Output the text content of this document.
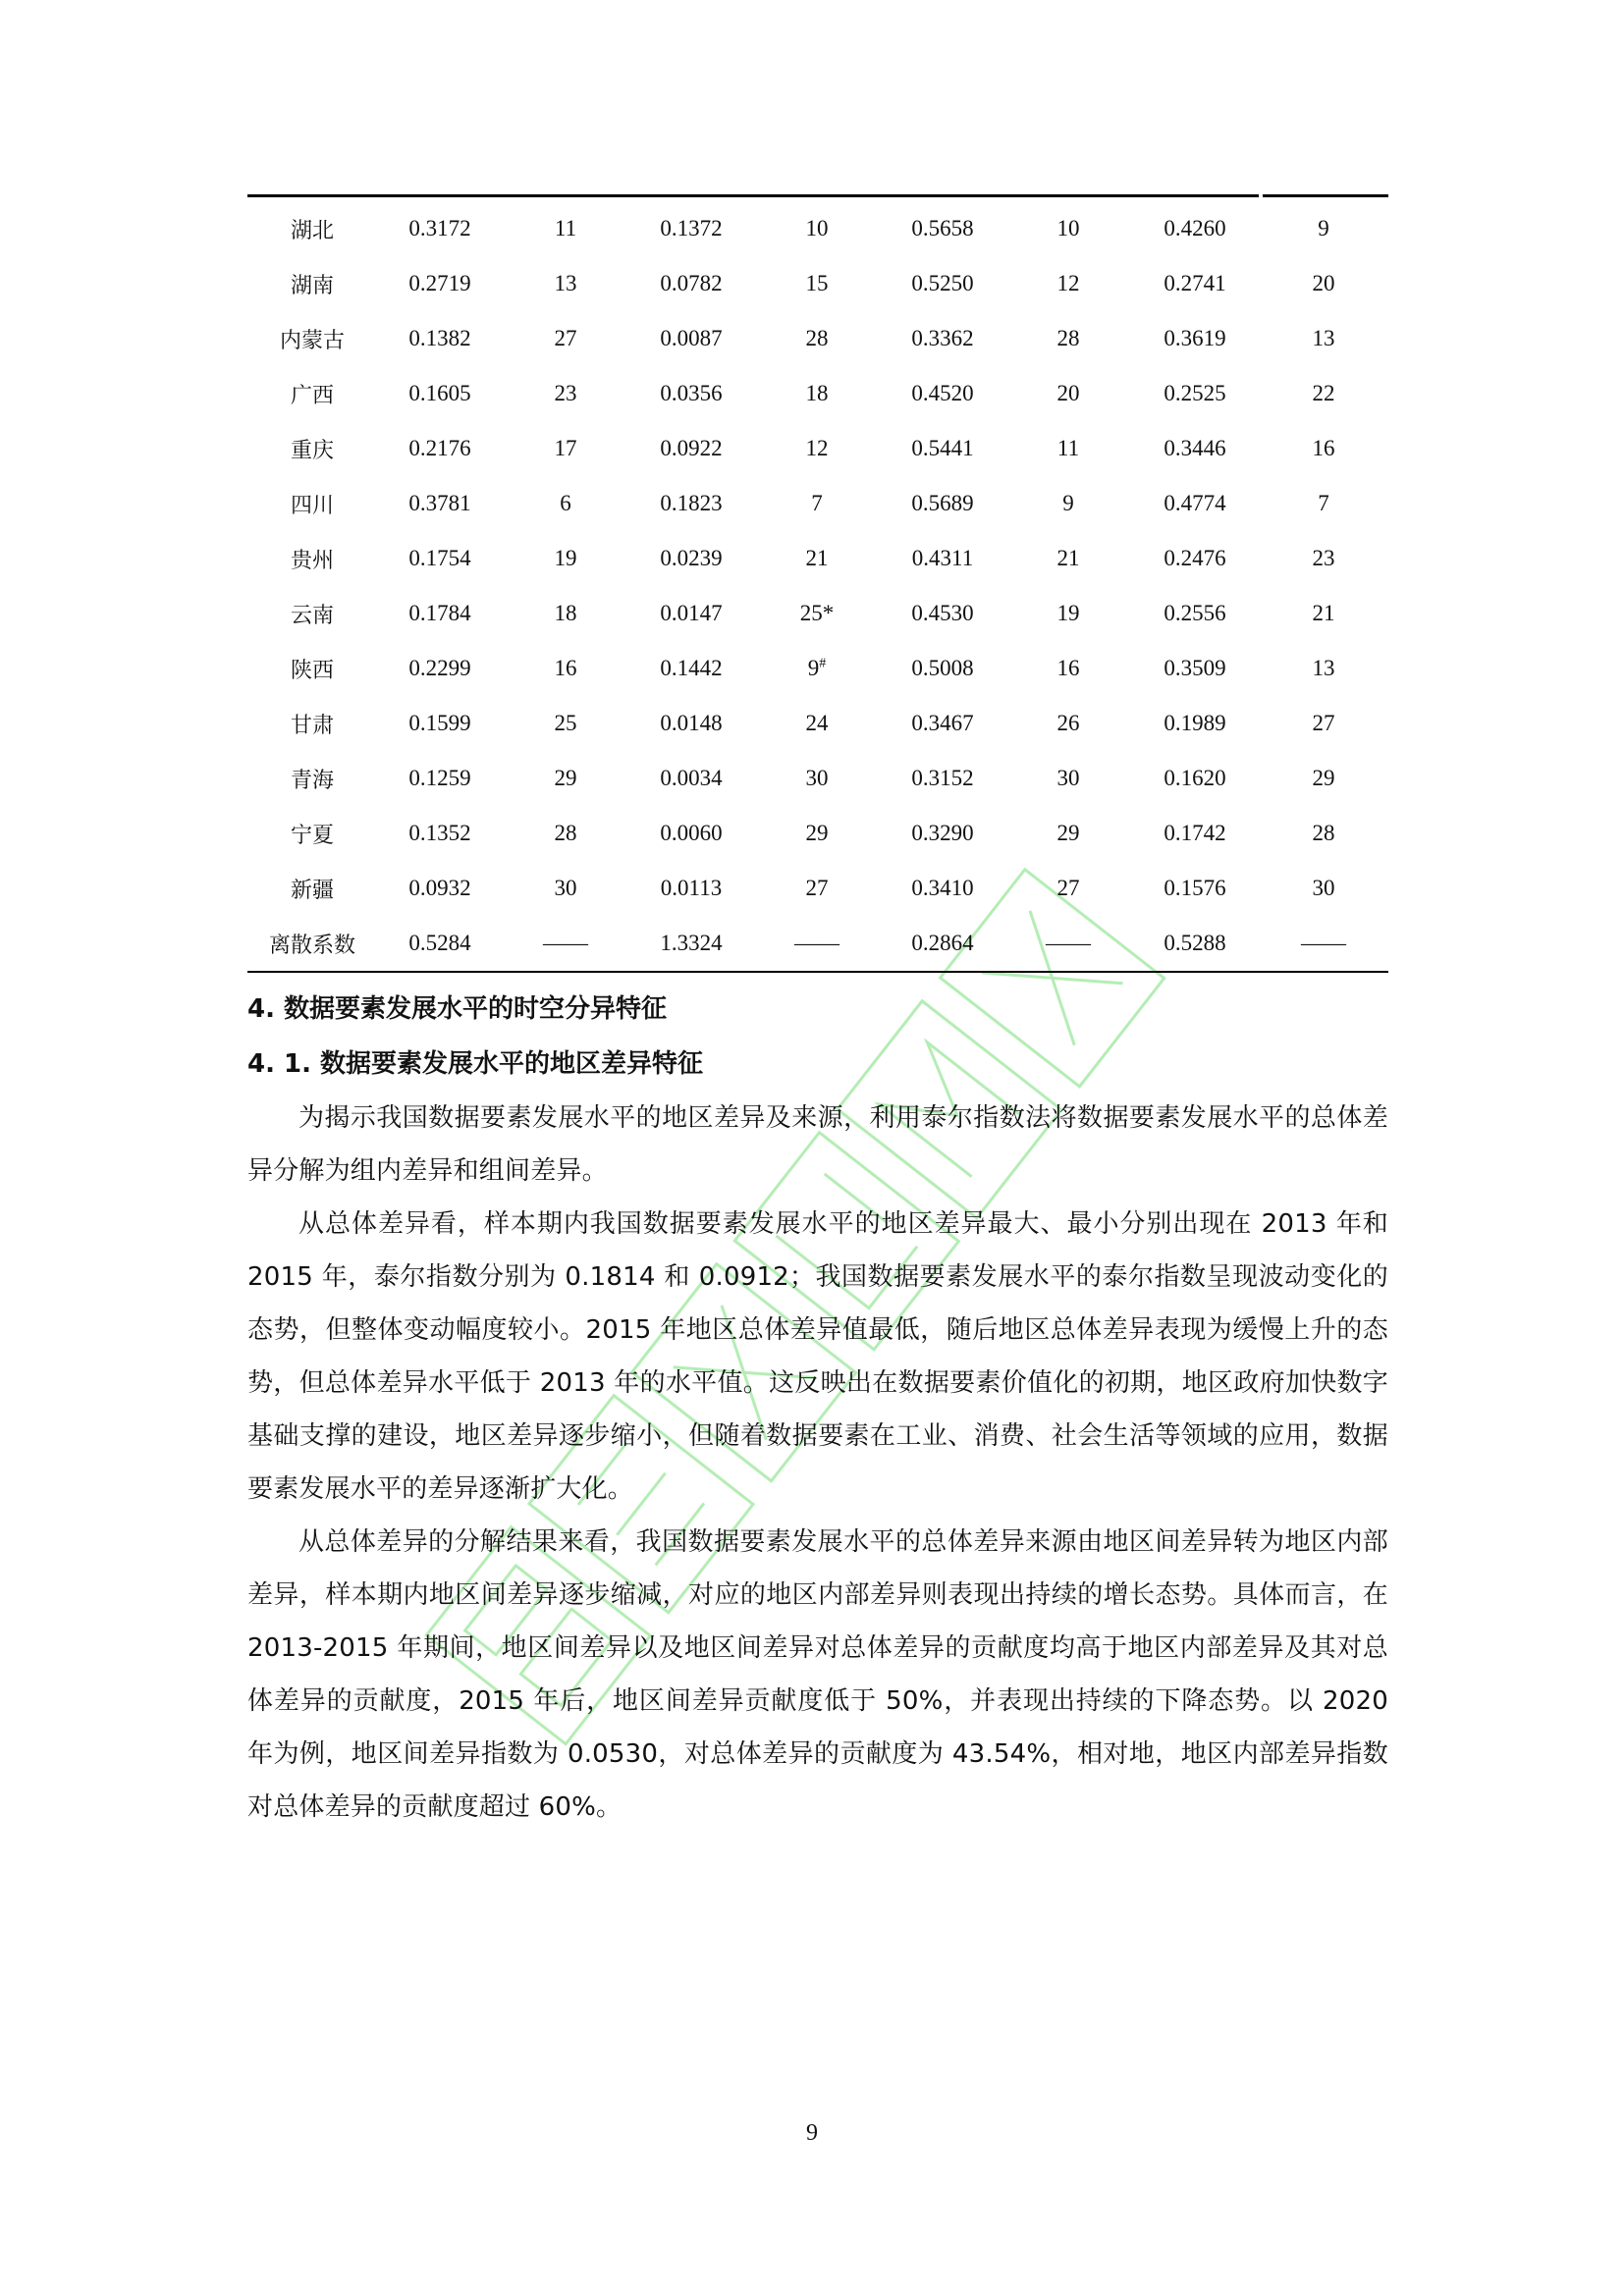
湖北	0.3172	11	0.1372	10	0.5658	10	0.4260	9
湖南	0.2719	13	0.0782	15	0.5250	12	0.2741	20
内蒙古	0.1382	27	0.0087	28	0.3362	28	0.3619	13
广西	0.1605	23	0.0356	18	0.4520	20	0.2525	22
重庆	0.2176	17	0.0922	12	0.5441	11	0.3446	16
四川	0.3781	6	0.1823	7	0.5689	9	0.4774	7
贵州	0.1754	19	0.0239	21	0.4311	21	0.2476	23
云南	0.1784	18	0.0147	25*	0.4530	19	0.2556	21
陕西	0.2299	16	0.1442	9#	0.5008	16	0.3509	13
甘肃	0.1599	25	0.0148	24	0.3467	26	0.1989	27
青海	0.1259	29	0.0034	30	0.3152	30	0.1620	29
宁夏	0.1352	28	0.0060	29	0.3290	29	0.1742	28
新疆	0.0932	30	0.0113	27	0.3410	27	0.1576	30
离散系数	0.5284	——	1.3324	——	0.2864	——	0.5288	——

4. 数据要素发展水平的时空分异特征

4. 1. 数据要素发展水平的地区差异特征

为揭示我国数据要素发展水平的地区差异及来源，利用泰尔指数法将数据要素发展水平的总体差异分解为组内差异和组间差异。

从总体差异看，样本期内我国数据要素发展水平的地区差异最大、最小分别出现在 2013 年和 2015 年，泰尔指数分别为 0.1814 和 0.0912；我国数据要素发展水平的泰尔指数呈现波动变化的态势，但整体变动幅度较小。2015 年地区总体差异值最低，随后地区总体差异表现为缓慢上升的态势，但总体差异水平低于 2013 年的水平值。这反映出在数据要素价值化的初期，地区政府加快数字基础支撑的建设，地区差异逐步缩小，但随着数据要素在工业、消费、社会生活等领域的应用，数据要素发展水平的差异逐渐扩大化。

从总体差异的分解结果来看，我国数据要素发展水平的总体差异来源由地区间差异转为地区内部差异，样本期内地区间差异逐步缩减，对应的地区内部差异则表现出持续的增长态势。具体而言，在 2013-2015 年期间，地区间差异以及地区间差异对总体差异的贡献度均高于地区内部差异及其对总体差异的贡献度，2015 年后，地区间差异贡献度低于 50%，并表现出持续的下降态势。以 2020 年为例，地区间差异指数为 0.0530，对总体差异的贡献度为 43.54%，相对地，地区内部差异指数对总体差异的贡献度超过 60%。

9
